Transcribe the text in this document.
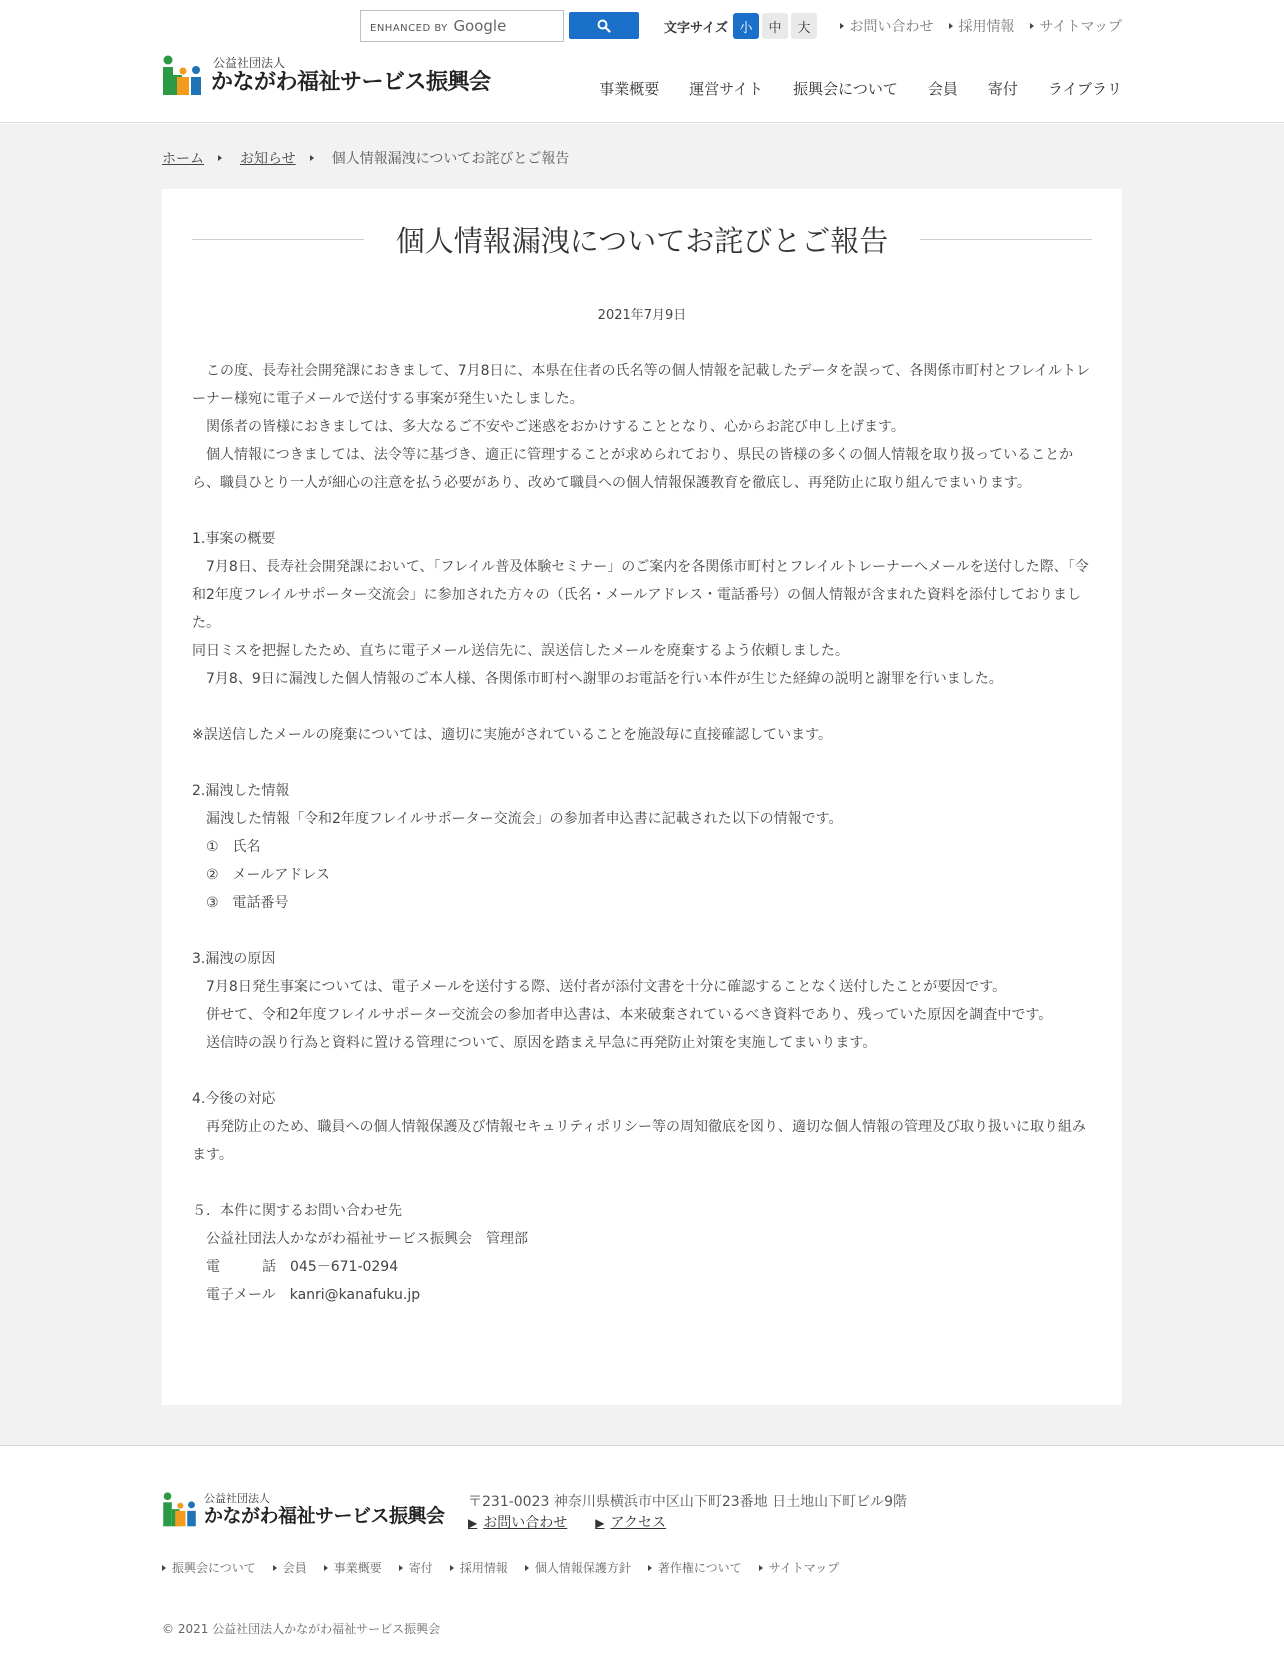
ENHANCED BY Google	文字サイズ 小	中	大	お問い合わせ 採用情報 サイトマップ
公益社団法人
かながわ福祉サービス振興会	事業概要 運営サイト 振興会について 会員 寄付 ライブラリ
ホーム	お知らせ	個人情報漏洩についてお詫びとご報告
個人情報漏洩についてお詫びとご報告
2021年7月9日

　この度、長寿社会開発課におきまして、7月8日に、本県在住者の氏名等の個人情報を記載したデータを誤って、各関係市町村とフレイルトレーナー様宛に電子メールで送付する事案が発生いたしました。

　関係者の皆様におきましては、多大なるご不安やご迷惑をおかけすることとなり、心からお詫び申し上げます。

　個人情報につきましては、法令等に基づき、適正に管理することが求められており、県民の皆様の多くの個人情報を取り扱っていることから、職員ひとり一人が細心の注意を払う必要があり、改めて職員への個人情報保護教育を徹底し、再発防止に取り組んでまいります。

1.事案の概要

　7月8日、長寿社会開発課において、「フレイル普及体験セミナー」のご案内を各関係市町村とフレイルトレーナーへメールを送付した際、「令和2年度フレイルサポーター交流会」に参加された方々の（氏名・メールアドレス・電話番号）の個人情報が含まれた資料を添付しておりました。

同日ミスを把握したため、直ちに電子メール送信先に、誤送信したメールを廃棄するよう依頼しました。

　7月8、9日に漏洩した個人情報のご本人様、各関係市町村へ謝罪のお電話を行い本件が生じた経緯の説明と謝罪を行いました。

※誤送信したメールの廃棄については、適切に実施がされていることを施設毎に直接確認しています。

2.漏洩した情報

　漏洩した情報「令和2年度フレイルサポーター交流会」の参加者申込書に記載された以下の情報です。

　①　氏名

　②　メールアドレス

　③　電話番号

3.漏洩の原因

　7月8日発生事案については、電子メールを送付する際、送付者が添付文書を十分に確認することなく送付したことが要因です。

　併せて、令和2年度フレイルサポーター交流会の参加者申込書は、本来破棄されているべき資料であり、残っていた原因を調査中です。

　送信時の誤り行為と資料に置ける管理について、原因を踏まえ早急に再発防止対策を実施してまいります。

4.今後の対応

　再発防止のため、職員への個人情報保護及び情報セキュリティポリシー等の周知徹底を図り、適切な個人情報の管理及び取り扱いに取り組みます。

５．本件に関するお問い合わせ先

　公益社団法人かながわ福祉サービス振興会　管理部

　電　　　話　045－671-0294

　電子メール　kanri@kanafuku.jp

公益社団法人
かながわ福祉サービス振興会
〒231-0023 神奈川県横浜市中区山下町23番地 日土地山下町ビル9階
▶ お問い合わせ ▶ アクセス
振興会について 会員 事業概要 寄付 採用情報 個人情報保護方針 著作権について サイトマップ
© 2021 公益社団法人かながわ福祉サービス振興会
